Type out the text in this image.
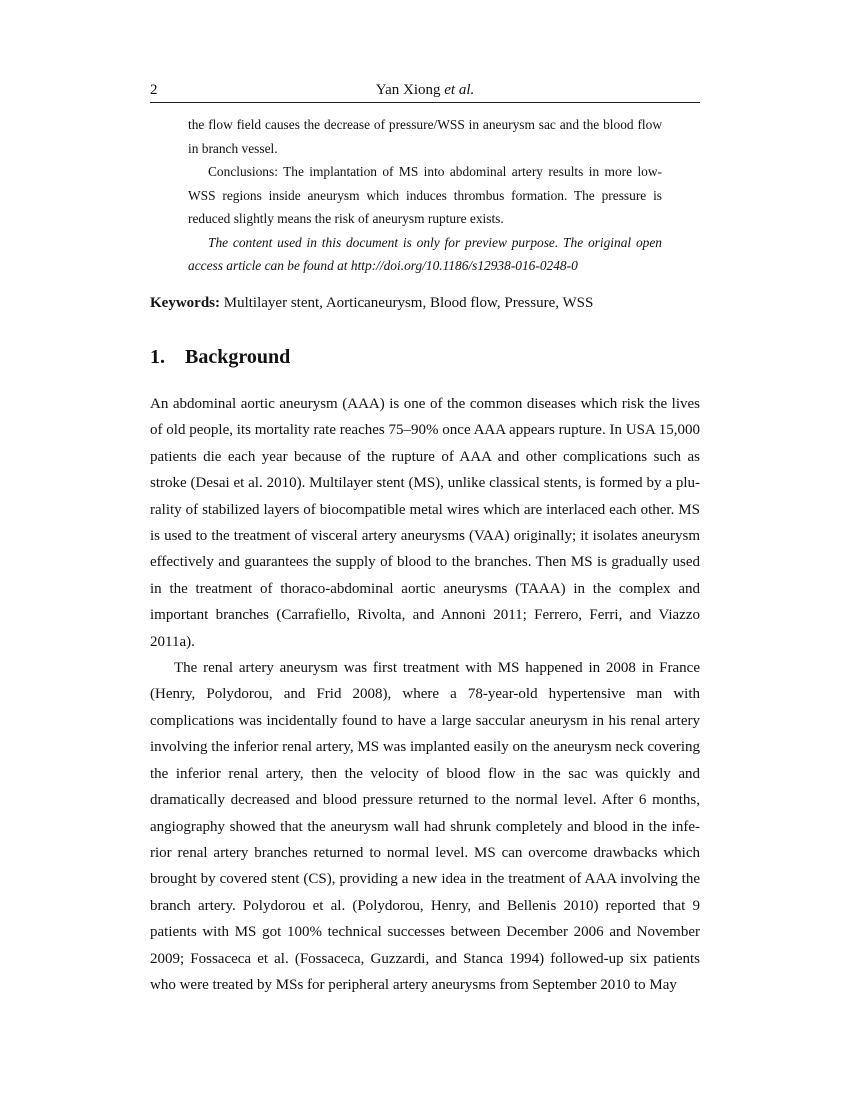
2	Yan Xiong et al.

the flow field causes the decrease of pressure/WSS in aneurysm sac and the blood flow in branch vessel.

Conclusions: The implantation of MS into abdominal artery results in more low-WSS regions inside aneurysm which induces thrombus formation. The pressure is reduced slightly means the risk of aneurysm rupture exists.

The content used in this document is only for preview purpose. The original open access article can be found at http://doi.org/10.1186/s12938-016-0248-0

Keywords: Multilayer stent, Aorticaneurysm, Blood flow, Pressure, WSS
1. Background

An abdominal aortic aneurysm (AAA) is one of the common diseases which risk the lives of old people, its mortality rate reaches 75–90% once AAA appears rupture. In USA 15,000 patients die each year because of the rupture of AAA and other complications such as stroke (Desai et al. 2010). Multilayer stent (MS), unlike classical stents, is formed by a plurality of stabilized layers of biocompatible metal wires which are interlaced each other. MS is used to the treatment of visceral artery aneurysms (VAA) originally; it isolates aneurysm effectively and guarantees the supply of blood to the branches. Then MS is gradually used in the treatment of thoraco-abdominal aortic aneurysms (TAAA) in the complex and important branches (Carrafiello, Rivolta, and Annoni 2011; Ferrero, Ferri, and Viazzo 2011a).

The renal artery aneurysm was first treatment with MS happened in 2008 in France (Henry, Polydorou, and Frid 2008), where a 78-year-old hypertensive man with complications was incidentally found to have a large saccular aneurysm in his renal artery involving the inferior renal artery, MS was implanted easily on the aneurysm neck covering the inferior renal artery, then the velocity of blood flow in the sac was quickly and dramatically decreased and blood pressure returned to the normal level. After 6 months, angiography showed that the aneurysm wall had shrunk completely and blood in the inferior renal artery branches returned to normal level. MS can overcome drawbacks which brought by covered stent (CS), providing a new idea in the treatment of AAA involving the branch artery. Polydorou et al. (Polydorou, Henry, and Bellenis 2010) reported that 9 patients with MS got 100% technical successes between December 2006 and November 2009; Fossaceca et al. (Fossaceca, Guzzardi, and Stanca 1994) followed-up six patients who were treated by MSs for peripheral artery aneurysms from September 2010 to May
